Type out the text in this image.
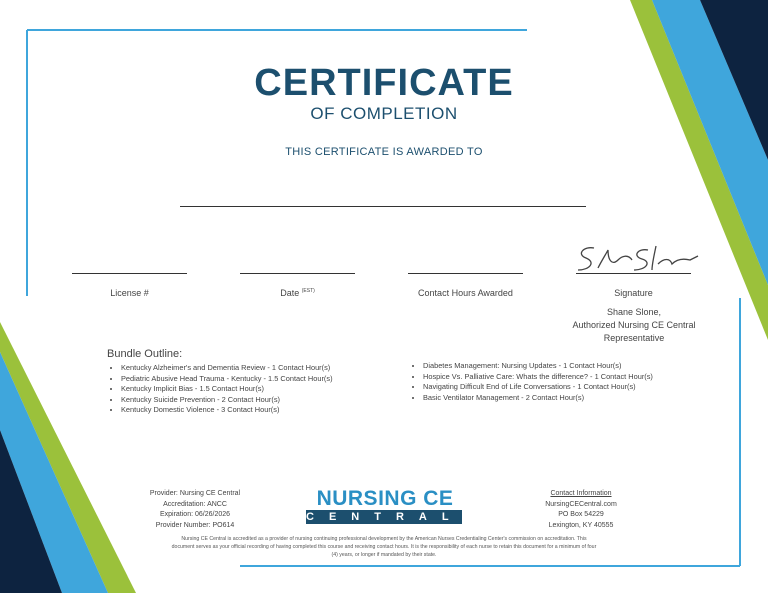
CERTIFICATE
OF COMPLETION
THIS CERTIFICATE IS AWARDED TO
License #	Date $^{(EST)}$	Contact Hours Awarded	Signature
Shane Slone,
Authorized Nursing CE Central
Representative
Bundle Outline:
• Kentucky Alzheimer's and Dementia Review - 1 Contact Hour(s)
• Pediatric Abusive Head Trauma - Kentucky - 1.5 Contact Hour(s)
• Kentucky Implicit Bias - 1.5 Contact Hour(s)
• Kentucky Suicide Prevention - 2 Contact Hour(s)
• Kentucky Domestic Violence - 3 Contact Hour(s)
• Diabetes Management: Nursing Updates - 1 Contact Hour(s)
• Hospice Vs. Palliative Care: Whats the difference? - 1 Contact Hour(s)
• Navigating Difficult End of Life Conversations - 1 Contact Hour(s)
• Basic Ventilator Management - 2 Contact Hour(s)
Provider: Nursing CE Central
Accreditation: ANCC
Expiration: 06/26/2026
Provider Number: PO614
NURSING CE
CENTRAL
Contact Information
NursingCECentral.com
PO Box 54229
Lexington, KY 40555
Nursing CE Central is accredited as a provider of nursing continuing professional development by the American Nurses Credentialing Center's commission on accreditation. This document serves as your official recording of having completed this course and receiving contact hours. It is the responsibility of each nurse to retain this document for a minimum of four (4) years, or longer if mandated by their state.
